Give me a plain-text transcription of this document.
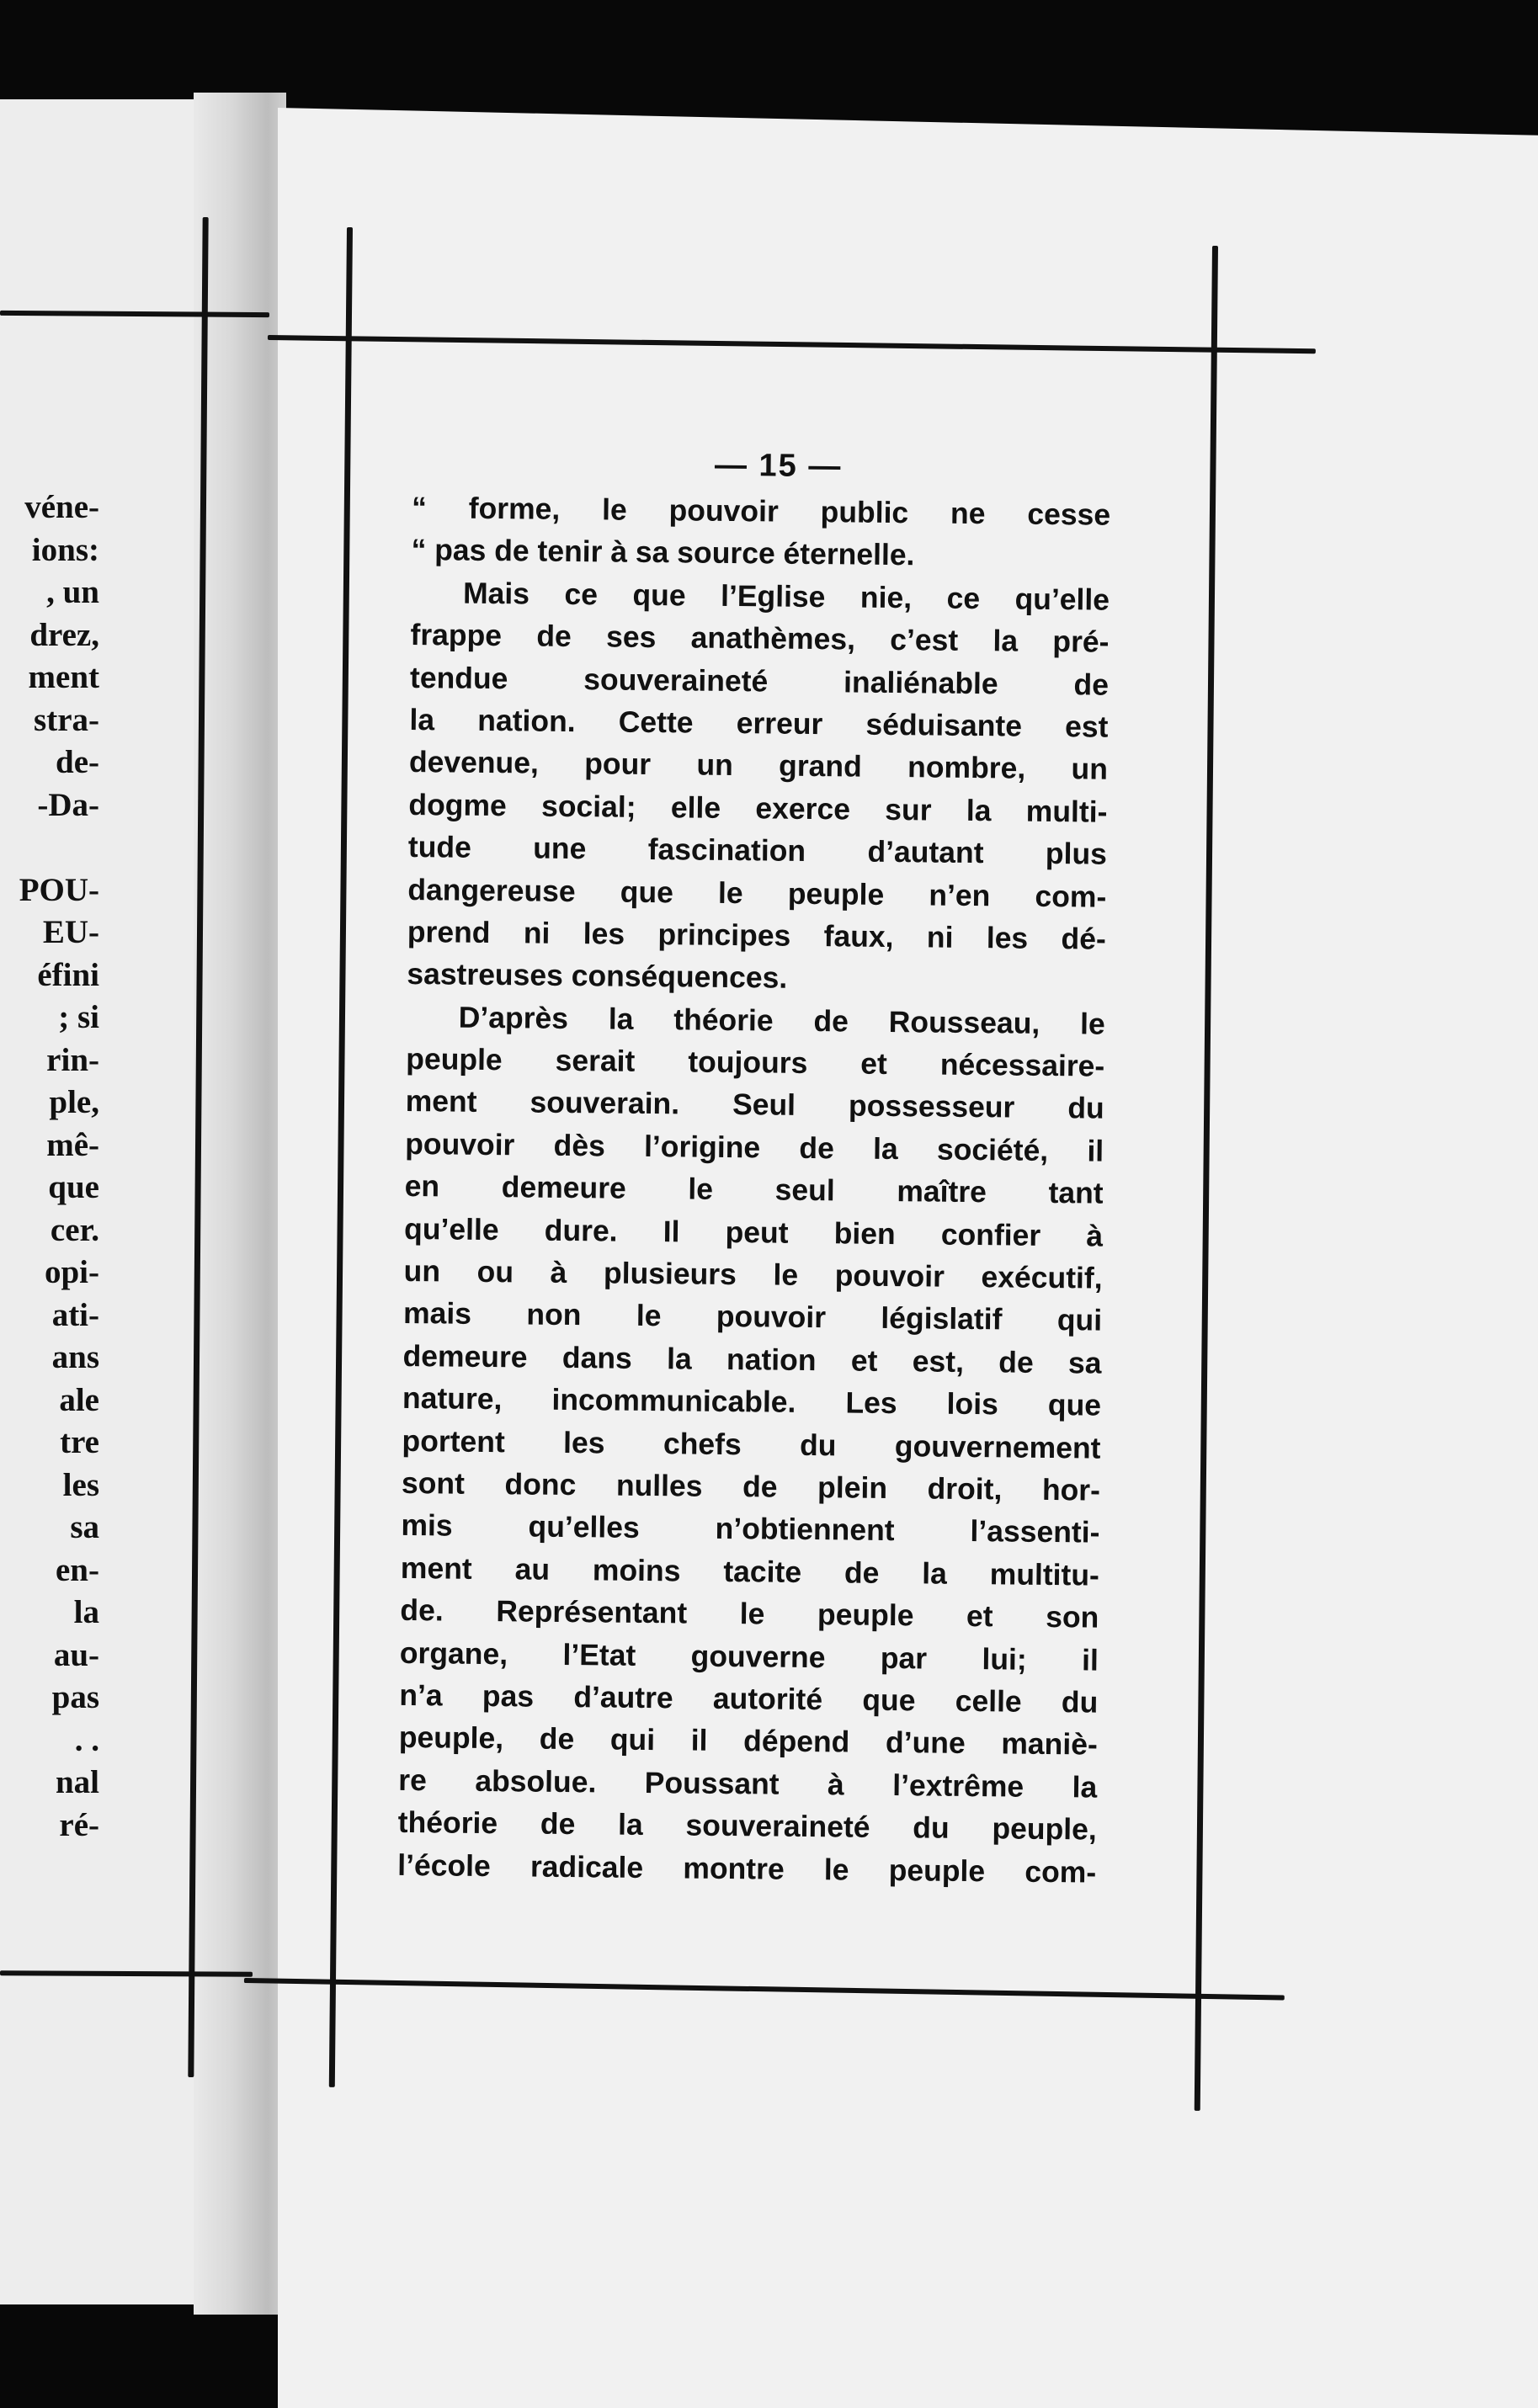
véne-
ions:
, un
drez,
ment
stra-
de-
-Da-

POU-
EU-
éfini
; si
rin-
ple,
mê-
que
cer.
opi-
ati-
ans
ale
tre
les
sa
en-
la
au-
pas
. .
nal
ré-
— 15 —
“ forme, le pouvoir public ne cesse
“ pas de tenir à sa source éternelle.
Mais ce que l’Eglise nie, ce qu’elle
frappe de ses anathèmes, c’est la pré-
tendue souveraineté inaliénable de
la nation. Cette erreur séduisante est
devenue, pour un grand nombre, un
dogme social; elle exerce sur la multi-
tude une fascination d’autant plus
dangereuse que le peuple n’en com-
prend ni les principes faux, ni les dé-
sastreuses conséquences.
D’après la théorie de Rousseau, le
peuple serait toujours et nécessaire-
ment souverain. Seul possesseur du
pouvoir dès l’origine de la société, il
en demeure le seul maître tant
qu’elle dure. Il peut bien confier à
un ou à plusieurs le pouvoir exécutif,
mais non le pouvoir législatif qui
demeure dans la nation et est, de sa
nature, incommunicable. Les lois que
portent les chefs du gouvernement
sont donc nulles de plein droit, hor-
mis qu’elles n’obtiennent l’assenti-
ment au moins tacite de la multitu-
de. Représentant le peuple et son
organe, l’Etat gouverne par lui; il
n’a pas d’autre autorité que celle du
peuple, de qui il dépend d’une maniè-
re absolue. Poussant à l’extrême la
théorie de la souveraineté du peuple,
l’école radicale montre le peuple com-
